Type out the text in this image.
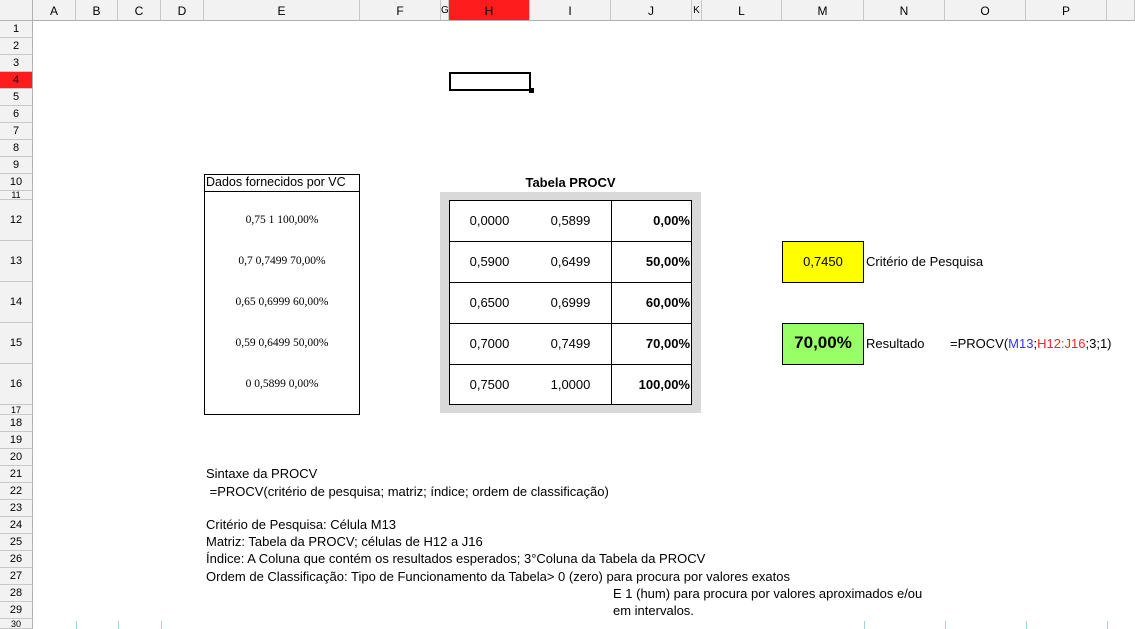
A	B	C	D	E	F	G	H	I	J	K	L	M	N	O	P
1
2
3
4
5
6
7
8
9
10
11
12
13
14
15
16
17
18
19
20
21
22
23
24
25
26
27
28
29
30
Dados fornecidos por VC
0,75 1 100,00%
0,7 0,7499 70,00%
0,65 0,6999 60,00%
0,59 0,6499 50,00%
0 0,5899 0,00%
Tabela PROCV
0,0000	0,5899	0,00%
0,5900	0,6499	50,00%
0,6500	0,6999	60,00%
0,7000	0,7499	70,00%
0,7500	1,0000	100,00%
0,7450	Critério de Pesquisa
70,00%	Resultado =PROCV(M13;H12:J16;3;1)
Sintaxe da PROCV
=PROCV(critério de pesquisa; matriz; índice; ordem de classificação)
Critério de Pesquisa: Célula M13
Matriz: Tabela da PROCV; células de H12 a J16
Índice: A Coluna que contém os resultados esperados; 3°Coluna da Tabela da PROCV
Ordem de Classificação: Tipo de Funcionamento da Tabela> 0 (zero) para procura por valores exatos
E 1 (hum) para procura por valores aproximados e/ou
em intervalos.
